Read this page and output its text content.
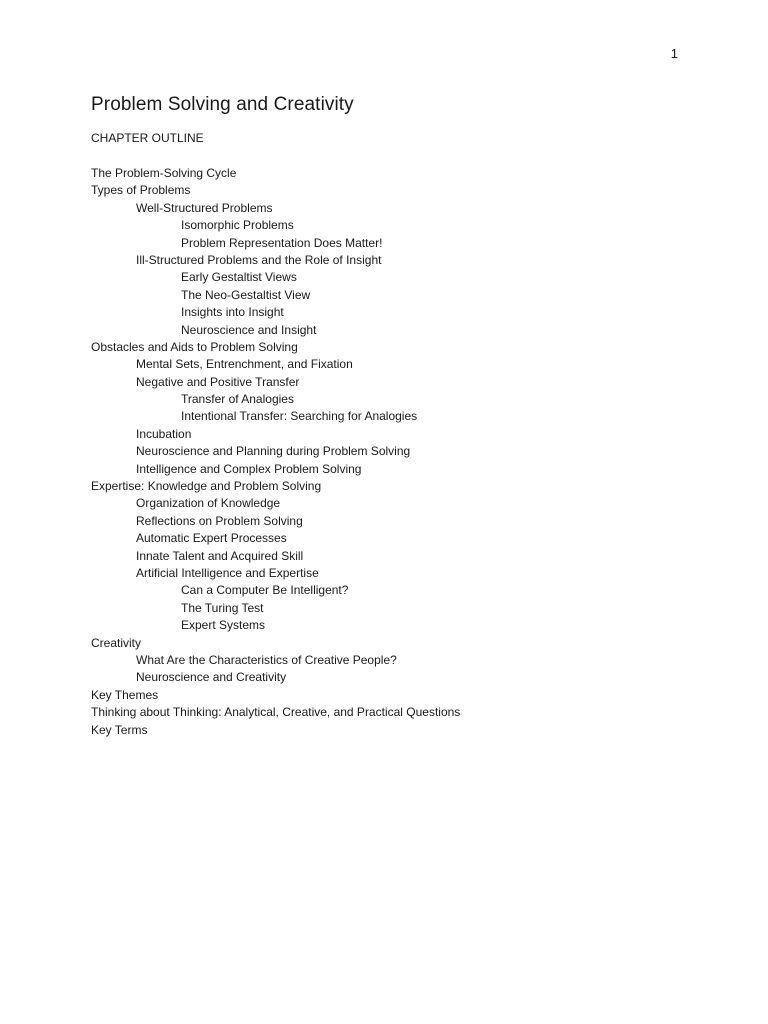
1
Problem Solving and Creativity
CHAPTER OUTLINE
The Problem-Solving Cycle
Types of Problems
Well-Structured Problems
Isomorphic Problems
Problem Representation Does Matter!
Ill-Structured Problems and the Role of Insight
Early Gestaltist Views
The Neo-Gestaltist View
Insights into Insight
Neuroscience and Insight
Obstacles and Aids to Problem Solving
Mental Sets, Entrenchment, and Fixation
Negative and Positive Transfer
Transfer of Analogies
Intentional Transfer: Searching for Analogies
Incubation
Neuroscience and Planning during Problem Solving
Intelligence and Complex Problem Solving
Expertise: Knowledge and Problem Solving
Organization of Knowledge
Reflections on Problem Solving
Automatic Expert Processes
Innate Talent and Acquired Skill
Artificial Intelligence and Expertise
Can a Computer Be Intelligent?
The Turing Test
Expert Systems
Creativity
What Are the Characteristics of Creative People?
Neuroscience and Creativity
Key Themes
Thinking about Thinking: Analytical, Creative, and Practical Questions
Key Terms
